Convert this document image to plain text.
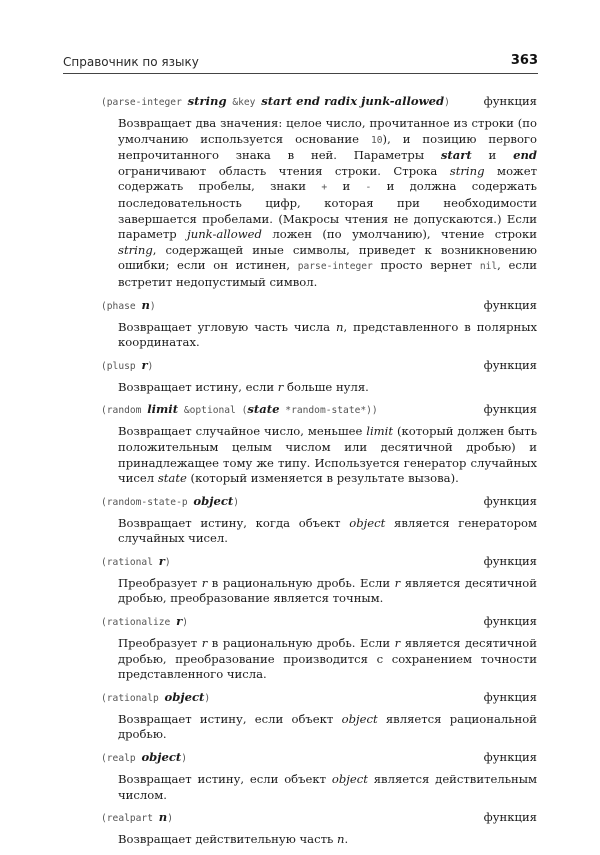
Справочник по языку	363
(parse-integer string &key start end radix junk-allowed)	функция
Возвращает два значения: целое число, прочитанное из строки (по умолчанию используется основание 10), и позицию первого непрочитанного знака в ней. Параметры start и end ограничивают область чтения строки. Строка string может содержать пробелы, знаки + и - и должна содержать последовательность цифр, которая при необходимости завершается пробелами. (Макросы чтения не допускаются.) Если параметр junk-allowed ложен (по умолчанию), чтение строки string, содержащей иные символы, приведет к возникновению ошибки; если он истинен, parse-integer просто вернет nil, если встретит недопустимый символ.
(phase n)	функция
Возвращает угловую часть числа n, представленного в полярных координатах.
(plusp r)	функция
Возвращает истину, если r больше нуля.
(random limit &optional (state *random-state*))	функция
Возвращает случайное число, меньшее limit (который должен быть положительным целым числом или десятичной дробью) и принадлежащее тому же типу. Используется генератор случайных чисел state (который изменяется в результате вызова).
(random-state-p object)	функция
Возвращает истину, когда объект object является генератором случайных чисел.
(rational r)	функция
Преобразует r в рациональную дробь. Если r является десятичной дробью, преобразование является точным.
(rationalize r)	функция
Преобразует r в рациональную дробь. Если r является десятичной дробью, преобразование производится с сохранением точности представленного числа.
(rationalp object)	функция
Возвращает истину, если объект object является рациональной дробью.
(realp object)	функция
Возвращает истину, если объект object является действительным числом.
(realpart n)	функция
Возвращает действительную часть n.
